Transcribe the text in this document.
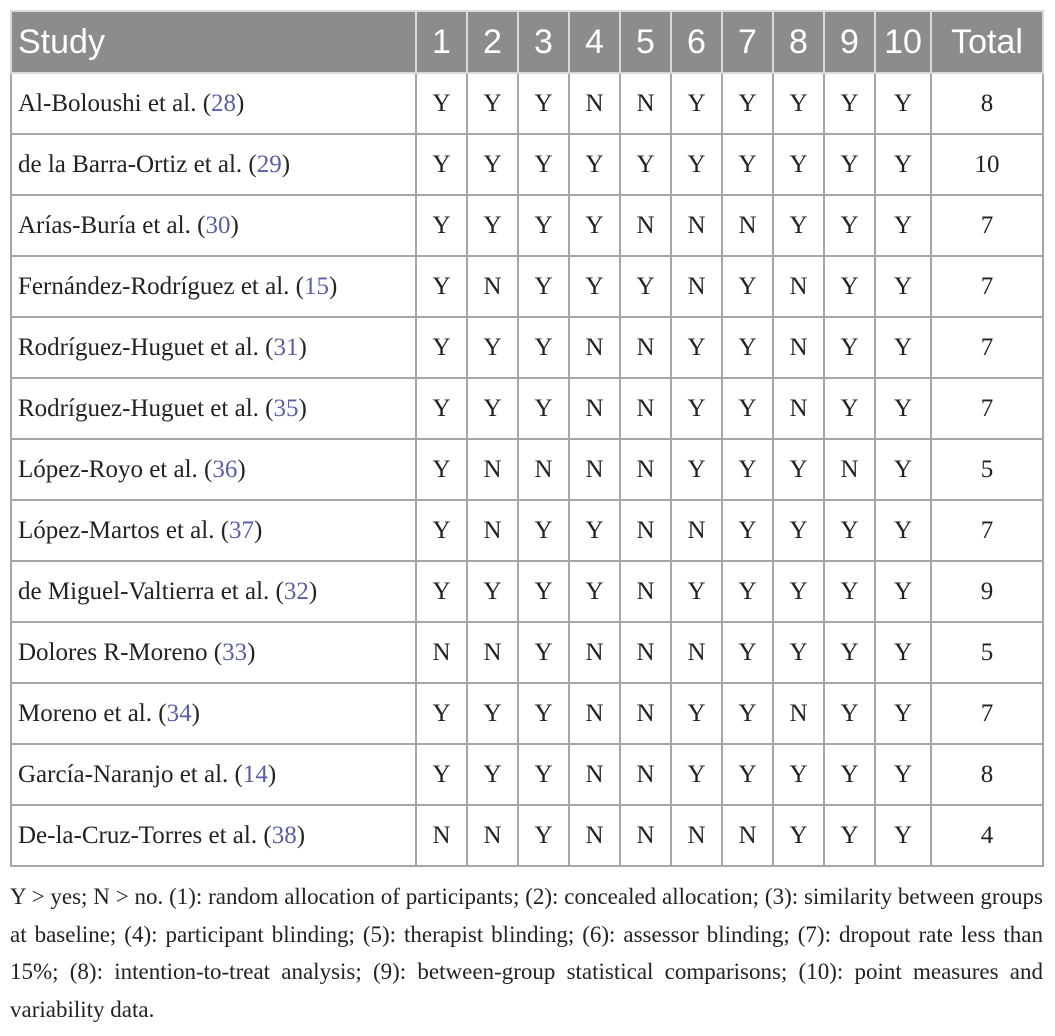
Study	1	2	3	4	5	6	7	8	9	10	Total
Al-Boloushi et al. (28)	Y	Y	Y	N	N	Y	Y	Y	Y	Y	8
de la Barra-Ortiz et al. (29)	Y	Y	Y	Y	Y	Y	Y	Y	Y	Y	10
Arías-Buría et al. (30)	Y	Y	Y	Y	N	N	N	Y	Y	Y	7
Fernández-Rodríguez et al. (15)	Y	N	Y	Y	Y	N	Y	N	Y	Y	7
Rodríguez-Huguet et al. (31)	Y	Y	Y	N	N	Y	Y	N	Y	Y	7
Rodríguez-Huguet et al. (35)	Y	Y	Y	N	N	Y	Y	N	Y	Y	7
López-Royo et al. (36)	Y	N	N	N	N	Y	Y	Y	N	Y	5
López-Martos et al. (37)	Y	N	Y	Y	N	N	Y	Y	Y	Y	7
de Miguel-Valtierra et al. (32)	Y	Y	Y	Y	N	Y	Y	Y	Y	Y	9
Dolores R-Moreno (33)	N	N	Y	N	N	N	Y	Y	Y	Y	5
Moreno et al. (34)	Y	Y	Y	N	N	Y	Y	N	Y	Y	7
García-Naranjo et al. (14)	Y	Y	Y	N	N	Y	Y	Y	Y	Y	8
De-la-Cruz-Torres et al. (38)	N	N	Y	N	N	N	N	Y	Y	Y	4

Y > yes; N > no. (1): random allocation of participants; (2): concealed allocation; (3): similarity between groups at baseline; (4): participant blinding; (5): therapist blinding; (6): assessor blinding; (7): dropout rate less than 15%; (8): intention-to-treat analysis; (9): between-group statistical comparisons; (10): point measures and variability data.
